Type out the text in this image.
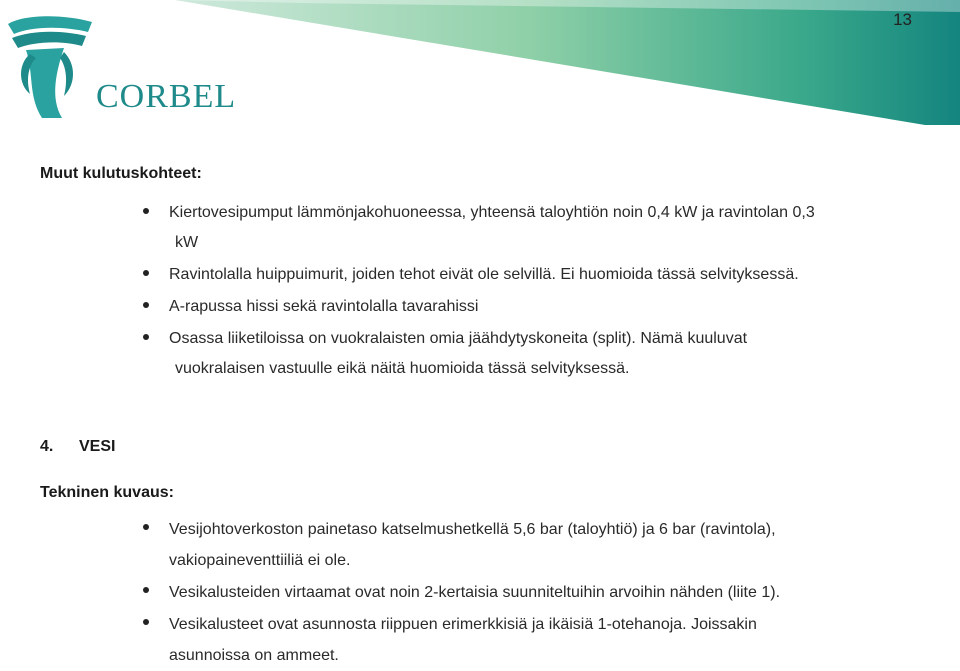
13
CORBEL
Muut kulutuskohteet:
Kiertovesipumput lämmönjakohuoneessa, yhteensä taloyhtiön noin 0,4 kW ja ravintolan 0,3
kW
Ravintolalla huippuimurit, joiden tehot eivät ole selvillä. Ei huomioida tässä selvityksessä.
A-rapussa hissi sekä ravintolalla tavarahissi
Osassa liiketiloissa on vuokralaisten omia jäähdytyskoneita (split). Nämä kuuluvat
vuokralaisen vastuulle eikä näitä huomioida tässä selvityksessä.
4. VESI
Tekninen kuvaus:
Vesijohtoverkoston painetaso katselmushetkellä 5,6 bar (taloyhtiö) ja 6 bar (ravintola),
vakiopaineventtiiliä ei ole.
Vesikalusteiden virtaamat ovat noin 2-kertaisia suunniteltuihin arvoihin nähden (liite 1).
Vesikalusteet ovat asunnosta riippuen erimerkkisiä ja ikäisiä 1-otehanoja. Joissakin
asunnoissa on ammeet.
